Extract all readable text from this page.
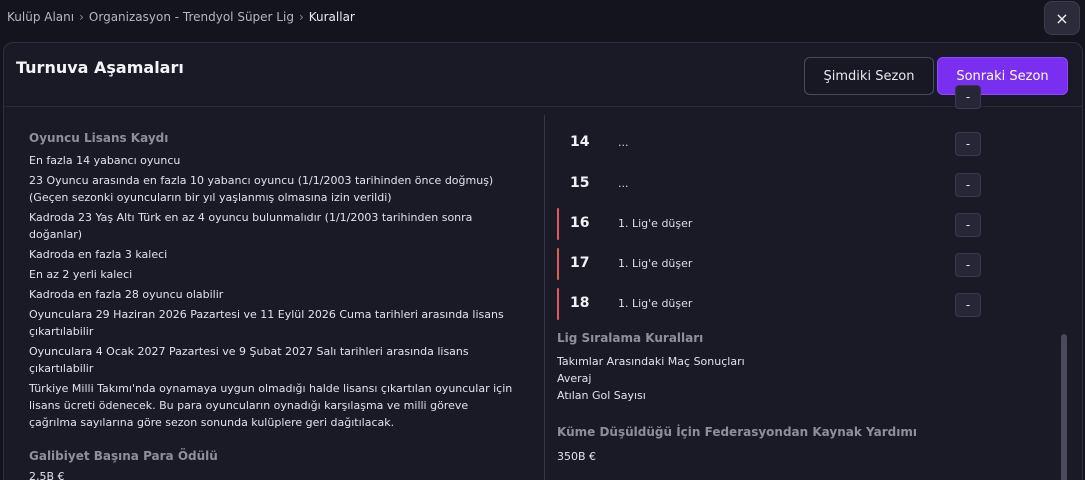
Kulüp Alanı › Organizasyon - Trendyol Süper Lig › Kurallar	×
Turnuva Aşamaları	Şimdiki Sezon	Sonraki Sezon
Oyuncu Lisans Kaydı
En fazla 14 yabancı oyuncu
23 Oyuncu arasında en fazla 10 yabancı oyuncu (1/1/2003 tarihinden önce doğmuş) (Geçen sezonki oyuncuların bir yıl yaşlanmış olmasına izin verildi)
Kadroda 23 Yaş Altı Türk en az 4 oyuncu bulunmalıdır (1/1/2003 tarihinden sonra doğanlar)
Kadroda en fazla 3 kaleci
En az 2 yerli kaleci
Kadroda en fazla 28 oyuncu olabilir
Oyunculara 29 Haziran 2026 Pazartesi ve 11 Eylül 2026 Cuma tarihleri arasında lisans çıkartılabilir
Oyunculara 4 Ocak 2027 Pazartesi ve 9 Şubat 2027 Salı tarihleri arasında lisans çıkartılabilir
Türkiye Milli Takımı'nda oynamaya uygun olmadığı halde lisansı çıkartılan oyuncular için lisans ücreti ödenecek. Bu para oyuncuların oynadığı karşılaşma ve milli göreve çağrılma sayılarına göre sezon sonunda kulüplere geri dağıtılacak.
Galibiyet Başına Para Ödülü
2,5B €
-
14	...	-
15	...	-
16	1. Lig'e düşer	-
17	1. Lig'e düşer	-
18	1. Lig'e düşer	-
Lig Sıralama Kuralları
Takımlar Arasındaki Maç Sonuçları
Averaj
Atılan Gol Sayısı
Küme Düşüldüğü İçin Federasyondan Kaynak Yardımı
350B €
